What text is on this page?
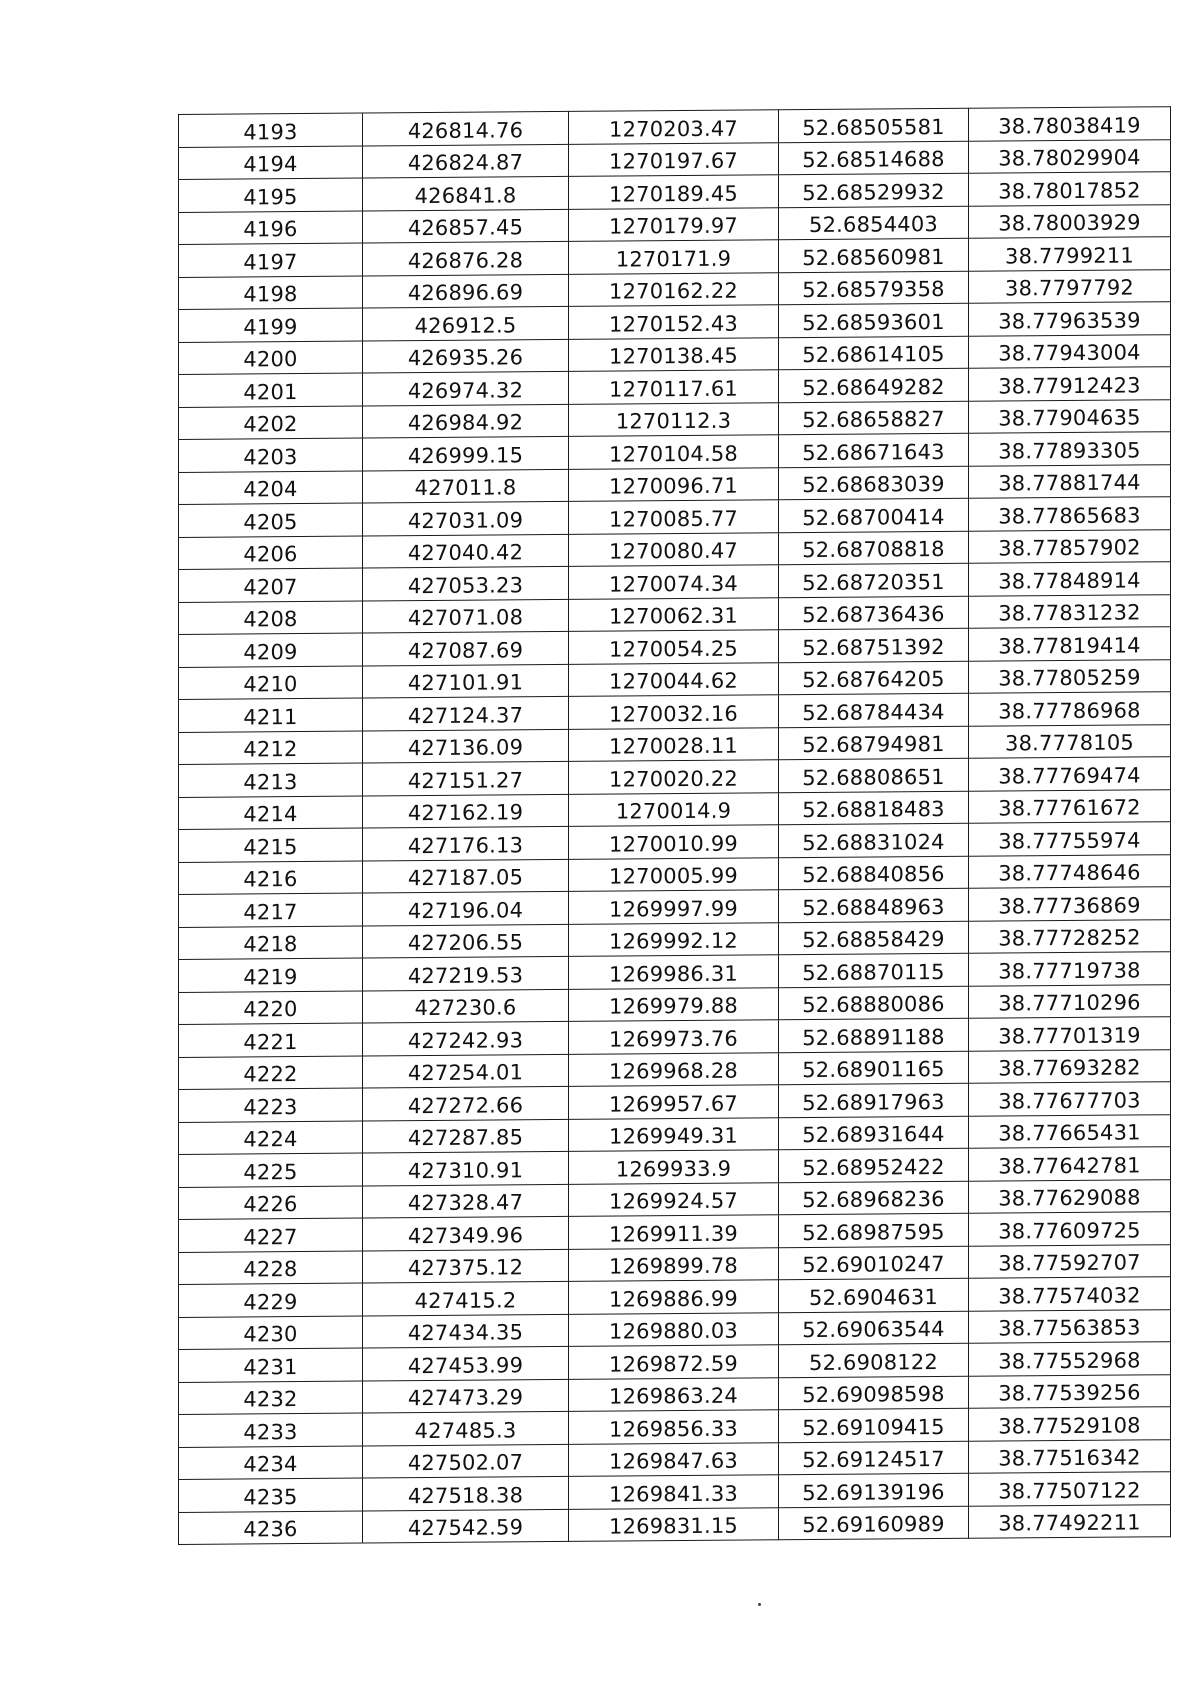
4193	426814.76	1270203.47	52.68505581	38.78038419
4194	426824.87	1270197.67	52.68514688	38.78029904
4195	426841.8	1270189.45	52.68529932	38.78017852
4196	426857.45	1270179.97	52.6854403	38.78003929
4197	426876.28	1270171.9	52.68560981	38.7799211
4198	426896.69	1270162.22	52.68579358	38.7797792
4199	426912.5	1270152.43	52.68593601	38.77963539
4200	426935.26	1270138.45	52.68614105	38.77943004
4201	426974.32	1270117.61	52.68649282	38.77912423
4202	426984.92	1270112.3	52.68658827	38.77904635
4203	426999.15	1270104.58	52.68671643	38.77893305
4204	427011.8	1270096.71	52.68683039	38.77881744
4205	427031.09	1270085.77	52.68700414	38.77865683
4206	427040.42	1270080.47	52.68708818	38.77857902
4207	427053.23	1270074.34	52.68720351	38.77848914
4208	427071.08	1270062.31	52.68736436	38.77831232
4209	427087.69	1270054.25	52.68751392	38.77819414
4210	427101.91	1270044.62	52.68764205	38.77805259
4211	427124.37	1270032.16	52.68784434	38.77786968
4212	427136.09	1270028.11	52.68794981	38.7778105
4213	427151.27	1270020.22	52.68808651	38.77769474
4214	427162.19	1270014.9	52.68818483	38.77761672
4215	427176.13	1270010.99	52.68831024	38.77755974
4216	427187.05	1270005.99	52.68840856	38.77748646
4217	427196.04	1269997.99	52.68848963	38.77736869
4218	427206.55	1269992.12	52.68858429	38.77728252
4219	427219.53	1269986.31	52.68870115	38.77719738
4220	427230.6	1269979.88	52.68880086	38.77710296
4221	427242.93	1269973.76	52.68891188	38.77701319
4222	427254.01	1269968.28	52.68901165	38.77693282
4223	427272.66	1269957.67	52.68917963	38.77677703
4224	427287.85	1269949.31	52.68931644	38.77665431
4225	427310.91	1269933.9	52.68952422	38.77642781
4226	427328.47	1269924.57	52.68968236	38.77629088
4227	427349.96	1269911.39	52.68987595	38.77609725
4228	427375.12	1269899.78	52.69010247	38.77592707
4229	427415.2	1269886.99	52.6904631	38.77574032
4230	427434.35	1269880.03	52.69063544	38.77563853
4231	427453.99	1269872.59	52.6908122	38.77552968
4232	427473.29	1269863.24	52.69098598	38.77539256
4233	427485.3	1269856.33	52.69109415	38.77529108
4234	427502.07	1269847.63	52.69124517	38.77516342
4235	427518.38	1269841.33	52.69139196	38.77507122
4236	427542.59	1269831.15	52.69160989	38.77492211
